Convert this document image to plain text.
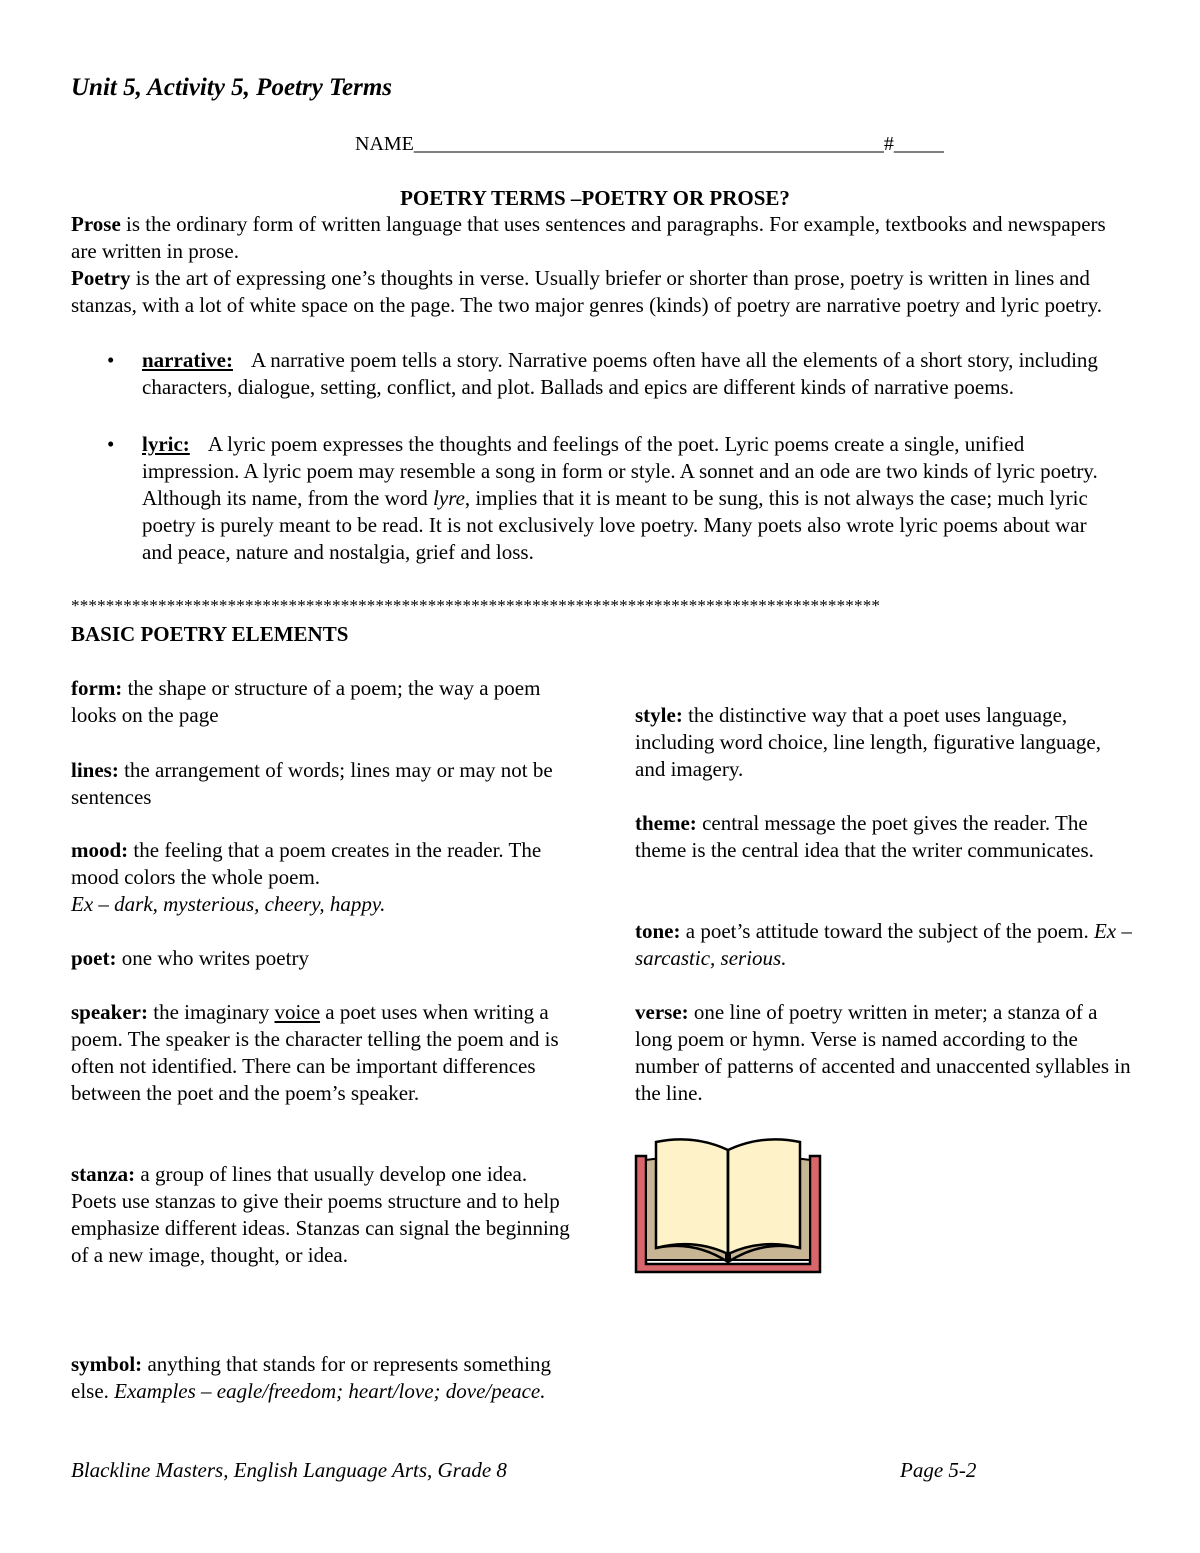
Unit 5, Activity 5, Poetry Terms
NAME_______________________________________________#_____
POETRY TERMS –POETRY OR PROSE?

Prose is the ordinary form of written language that uses sentences and paragraphs. For example, textbooks and newspapers are written in prose.

Poetry is the art of expressing one’s thoughts in verse. Usually briefer or shorter than prose, poetry is written in lines and stanzas, with a lot of white space on the page. The two major genres (kinds) of poetry are narrative poetry and lyric poetry.

•	narrative: A narrative poem tells a story. Narrative poems often have all the elements of a short story, including characters, dialogue, setting, conflict, and plot. Ballads and epics are different kinds of narrative poems.
•	lyric: A lyric poem expresses the thoughts and feelings of the poet. Lyric poems create a single, unified impression. A lyric poem may resemble a song in form or style. A sonnet and an ode are two kinds of lyric poetry. Although its name, from the word lyre, implies that it is meant to be sung, this is not always the case; much lyric poetry is purely meant to be read. It is not exclusively love poetry. Many poets also wrote lyric poems about war and peace, nature and nostalgia, grief and loss.
*********************************************************************************************
BASIC POETRY ELEMENTS
form: the shape or structure of a poem; the way a poem looks on the page
lines: the arrangement of words; lines may or may not be sentences
mood: the feeling that a poem creates in the reader. The mood colors the whole poem.
Ex – dark, mysterious, cheery, happy.
poet: one who writes poetry
speaker: the imaginary voice a poet uses when writing a poem. The speaker is the character telling the poem and is often not identified. There can be important differences between the poet and the poem’s speaker.
stanza: a group of lines that usually develop one idea. Poets use stanzas to give their poems structure and to help emphasize different ideas. Stanzas can signal the beginning of a new image, thought, or idea.
symbol: anything that stands for or represents something else. Examples – eagle/freedom; heart/love; dove/peace.
style: the distinctive way that a poet uses language, including word choice, line length, figurative language, and imagery.
theme: central message the poet gives the reader. The theme is the central idea that the writer communicates.
tone: a poet’s attitude toward the subject of the poem. Ex – sarcastic, serious.
verse: one line of poetry written in meter; a stanza of a long poem or hymn. Verse is named according to the number of patterns of accented and unaccented syllables in the line.
Blackline Masters, English Language Arts, Grade 8	Page 5-2
